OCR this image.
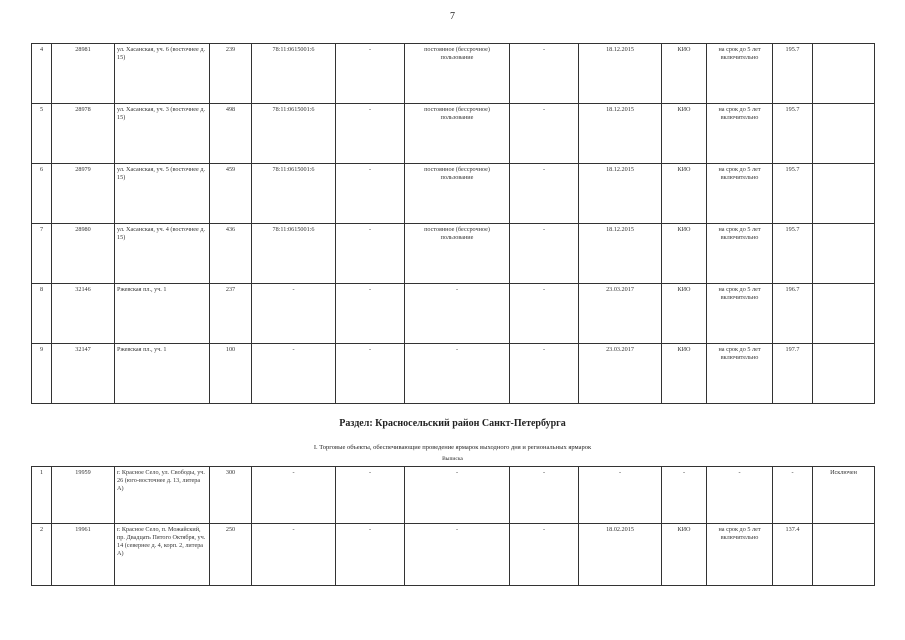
7
4	28981	ул. Хасанская, уч. 6 (восточнее д. 15)	239	78:11:0615001:6	-	постоянное (бессрочное) пользование	-	18.12.2015	КИО	на срок до 5 лет включительно	195.7	
5	28978	ул. Хасанская, уч. 3 (восточнее д. 15)	498	78:11:0615001:6	-	постоянное (бессрочное) пользование	-	18.12.2015	КИО	на срок до 5 лет включительно	195.7	
6	28979	ул. Хасанская, уч. 5 (восточнее д. 15)	459	78:11:0615001:6	-	постоянное (бессрочное) пользование	-	18.12.2015	КИО	на срок до 5 лет включительно	195.7	
7	28980	ул. Хасанская, уч. 4 (восточнее д. 15)	436	78:11:0615001:6	-	постоянное (бессрочное) пользование	-	18.12.2015	КИО	на срок до 5 лет включительно	195.7	
8	32146	Ржевская пл., уч. 1	237	-	-	-	-	23.03.2017	КИО	на срок до 5 лет включительно	196.7	
9	32147	Ржевская пл., уч. 1	100	-	-	-	-	23.03.2017	КИО	на срок до 5 лет включительно	197.7	
Раздел: Красносельский район Санкт-Петербурга
I. Торговые объекты, обеспечивающие проведение ярмарок выходного дня и региональных ярмарок
Выписка
1	19959	г. Красное Село, ул. Свободы, уч. 26 (юго-восточнее д. 13, литера А)	300	-	-	-	-	-	-	-	-	Исключен
2	19961	г. Красное Село, п. Можайский, пр. Двадцать Пятого Октября, уч. 14 (севернее д. 4, корп. 2, литера А)	250	-	-	-	-	18.02.2015	КИО	на срок до 5 лет включительно	137.4	
